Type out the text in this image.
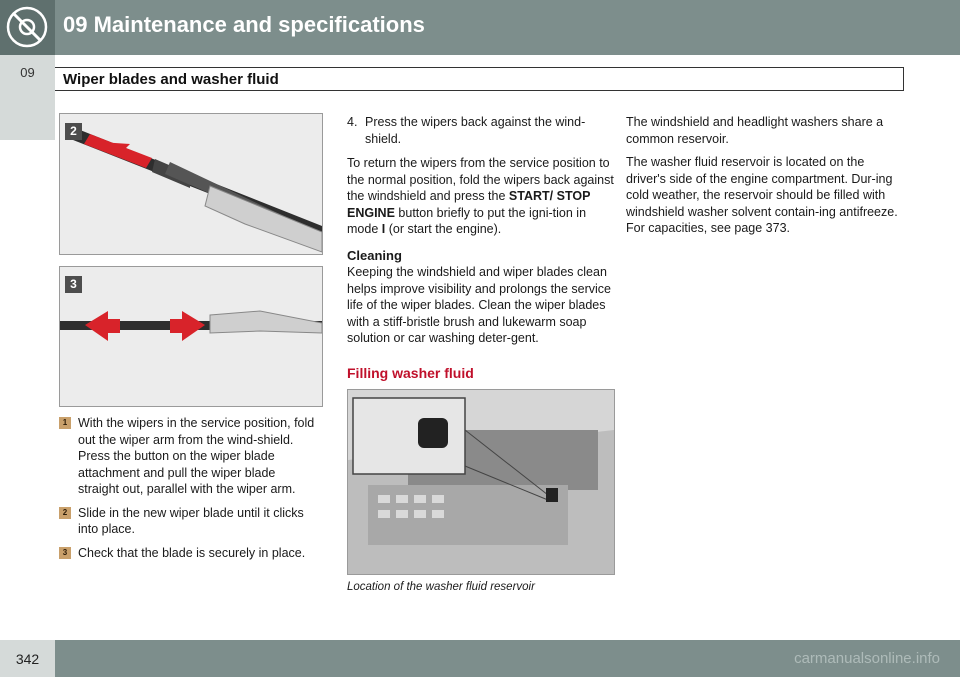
09 Maintenance and specifications
09	Wiper blades and washer fluid
2
3
1 With the wipers in the service position, fold out the wiper arm from the wind-shield. Press the button on the wiper blade attachment and pull the wiper blade straight out, parallel with the wiper arm.
2 Slide in the new wiper blade until it clicks into place.
3 Check that the blade is securely in place.
4. Press the wipers back against the wind-shield.

To return the wipers from the service position to the normal position, fold the wipers back against the windshield and press the START/ STOP ENGINE button briefly to put the igni-tion in mode I (or start the engine).

Cleaning

Keeping the windshield and wiper blades clean helps improve visibility and prolongs the service life of the wiper blades. Clean the wiper blades with a stiff-bristle brush and lukewarm soap solution or car washing deter-gent.

Filling washer fluid
Location of the washer fluid reservoir

The windshield and headlight washers share a common reservoir.

The washer fluid reservoir is located on the driver's side of the engine compartment. Dur-ing cold weather, the reservoir should be filled with windshield washer solvent contain-ing antifreeze. For capacities, see page 373.

342	carmanualsonline.info
